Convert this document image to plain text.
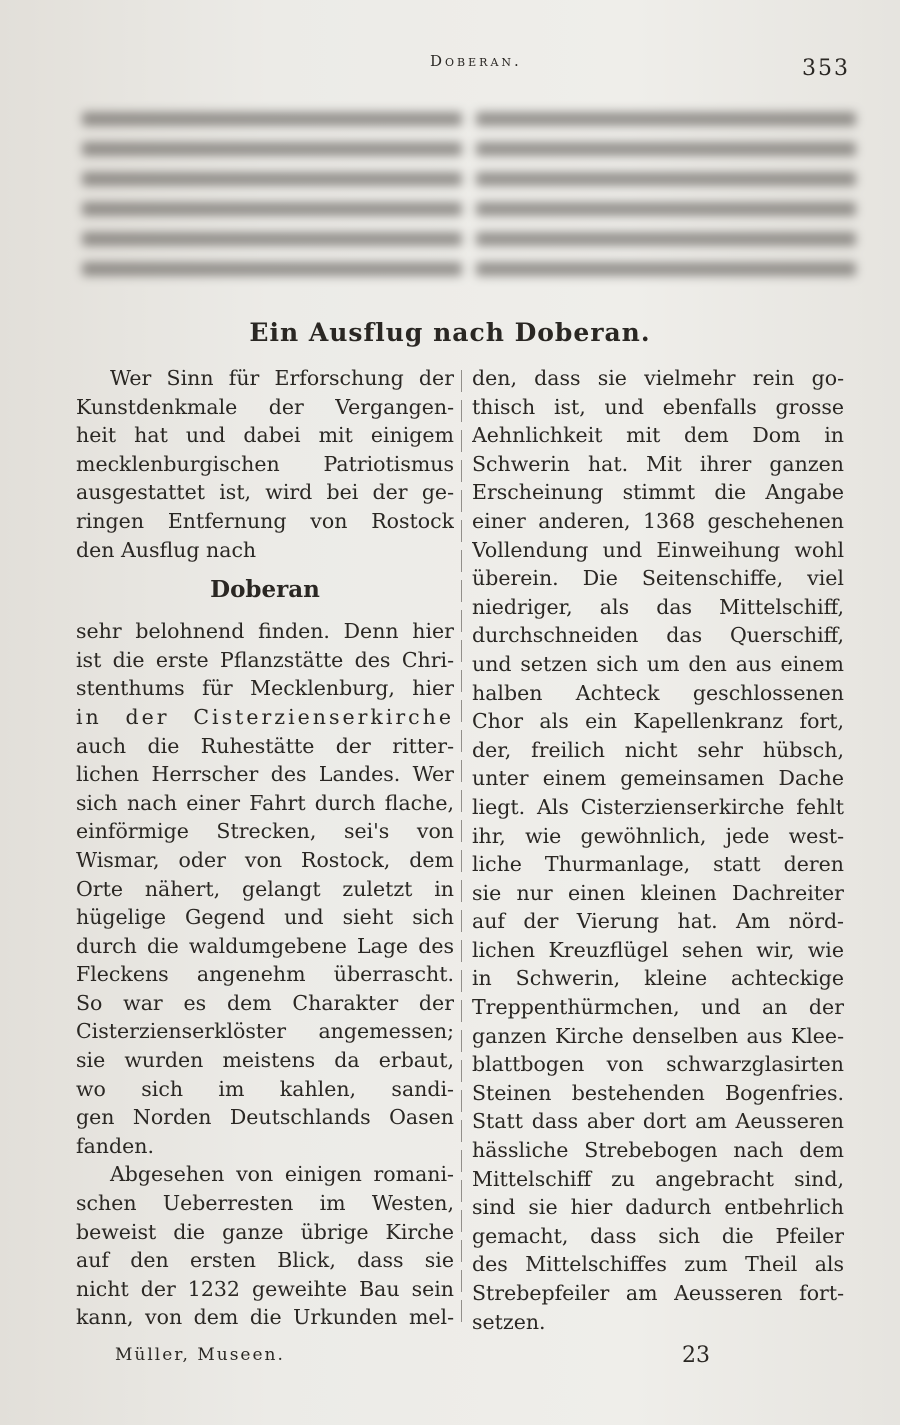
Doberan.	353
Ein Ausflug nach Doberan.

Wer Sinn für Erforschung der
Kunstdenkmale der Vergangen-
heit hat und dabei mit einigem
mecklenburgischen Patriotismus
ausgestattet ist, wird bei der ge-
ringen Entfernung von Rostock
den Ausflug nach

Doberan

sehr belohnend finden. Denn hier
ist die erste Pflanzstätte des Chri-
stenthums für Mecklenburg, hier
in der Cisterzienserkirche
auch die Ruhestätte der ritter-
lichen Herrscher des Landes. Wer
sich nach einer Fahrt durch flache,
einförmige Strecken, sei's von
Wismar, oder von Rostock, dem
Orte nähert, gelangt zuletzt in
hügelige Gegend und sieht sich
durch die waldumgebene Lage des
Fleckens angenehm überrascht.
So war es dem Charakter der
Cisterzienserklöster angemessen;
sie wurden meistens da erbaut,
wo sich im kahlen, sandi-
gen Norden Deutschlands Oasen
fanden.

Abgesehen von einigen romani-
schen Ueberresten im Westen,
beweist die ganze übrige Kirche
auf den ersten Blick, dass sie
nicht der 1232 geweihte Bau sein
kann, von dem die Urkunden mel-

den, dass sie vielmehr rein go-
thisch ist, und ebenfalls grosse
Aehnlichkeit mit dem Dom in
Schwerin hat. Mit ihrer ganzen
Erscheinung stimmt die Angabe
einer anderen, 1368 geschehenen
Vollendung und Einweihung wohl
überein. Die Seitenschiffe, viel
niedriger, als das Mittelschiff,
durchschneiden das Querschiff,
und setzen sich um den aus einem
halben Achteck geschlossenen
Chor als ein Kapellenkranz fort,
der, freilich nicht sehr hübsch,
unter einem gemeinsamen Dache
liegt. Als Cisterzienserkirche fehlt
ihr, wie gewöhnlich, jede west-
liche Thurmanlage, statt deren
sie nur einen kleinen Dachreiter
auf der Vierung hat. Am nörd-
lichen Kreuzflügel sehen wir, wie
in Schwerin, kleine achteckige
Treppenthürmchen, und an der
ganzen Kirche denselben aus Klee-
blattbogen von schwarzglasirten
Steinen bestehenden Bogenfries.
Statt dass aber dort am Aeusseren
hässliche Strebebogen nach dem
Mittelschiff zu angebracht sind,
sind sie hier dadurch entbehrlich
gemacht, dass sich die Pfeiler
des Mittelschiffes zum Theil als
Strebepfeiler am Aeusseren fort-
setzen.

Müller, Museen.	23
